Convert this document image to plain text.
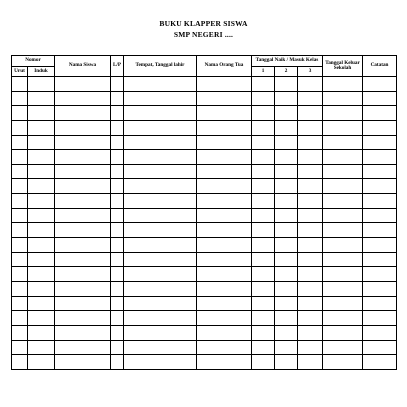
BUKU KLAPPER SISWA
SMP NEGERI ....
Nomor		Nama Siswa	L/P	Tempat, Tanggal lahir	Nama Orang Tua	Tanggal Naik / Masuk Kelas			Tanggal Keluar Sekolah	Catatan
Urut	Induk					1	2	3		
